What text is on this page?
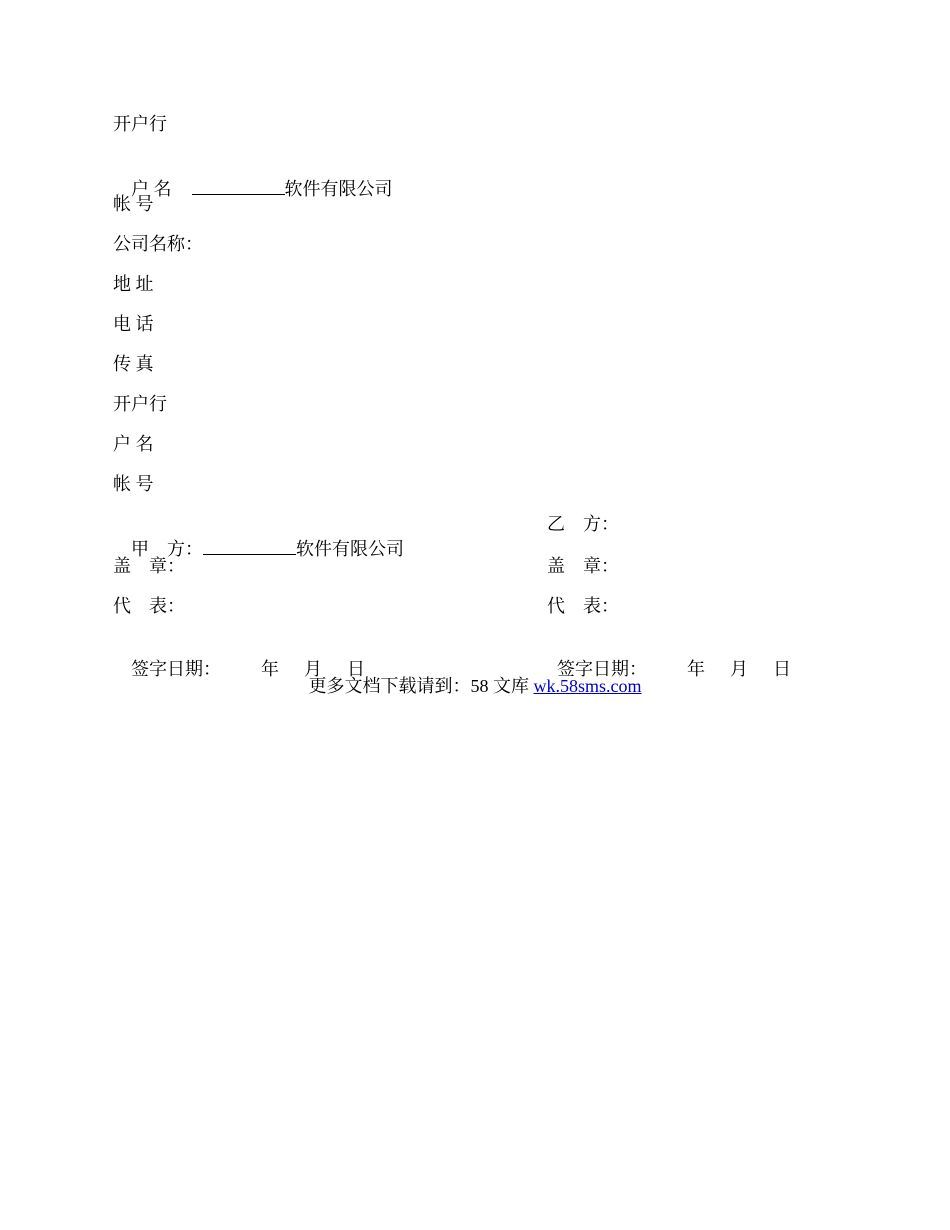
开户行

户 名	软件有限公司

帐 号
公司名称：
地 址
电 话
传 真
开户行
户 名
帐 号

甲　方：	软件有限公司

盖　章：
代　表：

签字日期： 年 月 日

乙　方：
盖　章：
代　表：

签字日期： 年 月 日

更多文档下载请到：58 文库 wk.58sms.com
